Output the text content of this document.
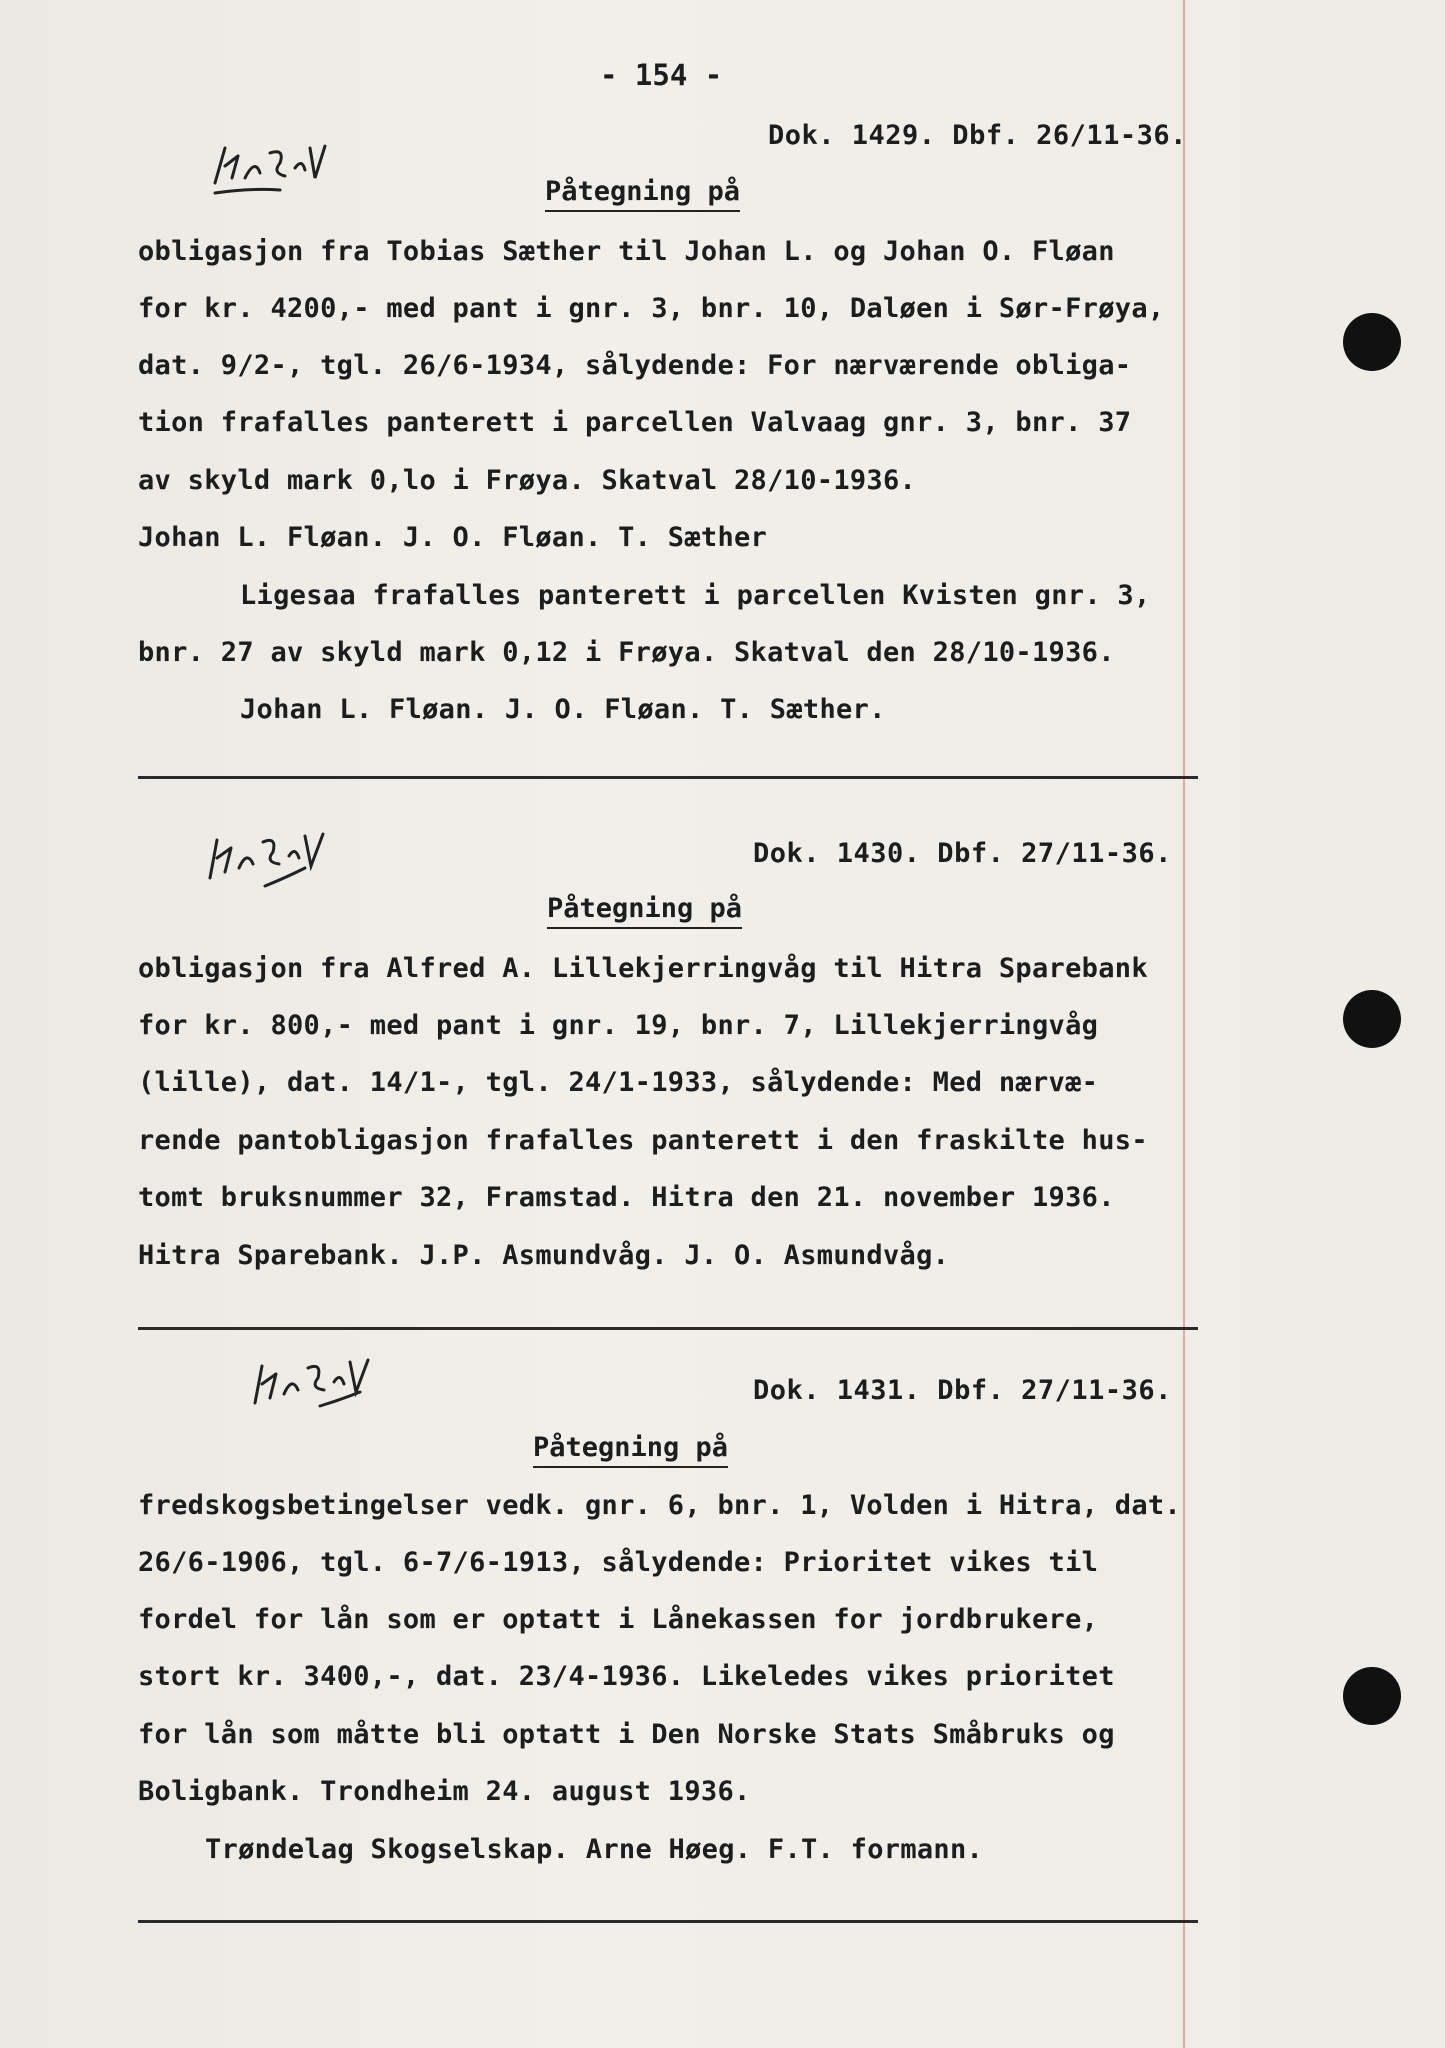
- 154 -
Dok. 1429. Dbf. 26/11-36.
Påtegning på
obligasjon fra Tobias Sæther til Johan L. og Johan O. Fløan
for kr. 4200,- med pant i gnr. 3, bnr. 10, Daløen i Sør-Frøya,
dat. 9/2-, tgl. 26/6-1934, sålydende: For nærværende obliga-
tion frafalles panterett i parcellen Valvaag gnr. 3, bnr. 37
av skyld mark 0,lo i Frøya. Skatval 28/10-1936.
Johan L. Fløan. J. O. Fløan. T. Sæther
Ligesaa frafalles panterett i parcellen Kvisten gnr. 3,
bnr. 27 av skyld mark 0,12 i Frøya. Skatval den 28/10-1936.
Johan L. Fløan. J. O. Fløan. T. Sæther.
Dok. 1430. Dbf. 27/11-36.
Påtegning på
obligasjon fra Alfred A. Lillekjerringvåg til Hitra Sparebank
for kr. 800,- med pant i gnr. 19, bnr. 7, Lillekjerringvåg
(lille), dat. 14/1-, tgl. 24/1-1933, sålydende: Med nærvæ-
rende pantobligasjon frafalles panterett i den fraskilte hus-
tomt bruksnummer 32, Framstad. Hitra den 21. november 1936.
Hitra Sparebank. J.P. Asmundvåg. J. O. Asmundvåg.
Dok. 1431. Dbf. 27/11-36.
Påtegning på
fredskogsbetingelser vedk. gnr. 6, bnr. 1, Volden i Hitra, dat.
26/6-1906, tgl. 6-7/6-1913, sålydende: Prioritet vikes til
fordel for lån som er optatt i Lånekassen for jordbrukere,
stort kr. 3400,-, dat. 23/4-1936. Likeledes vikes prioritet
for lån som måtte bli optatt i Den Norske Stats Småbruks og
Boligbank. Trondheim 24. august 1936.
Trøndelag Skogselskap. Arne Høeg. F.T. formann.
